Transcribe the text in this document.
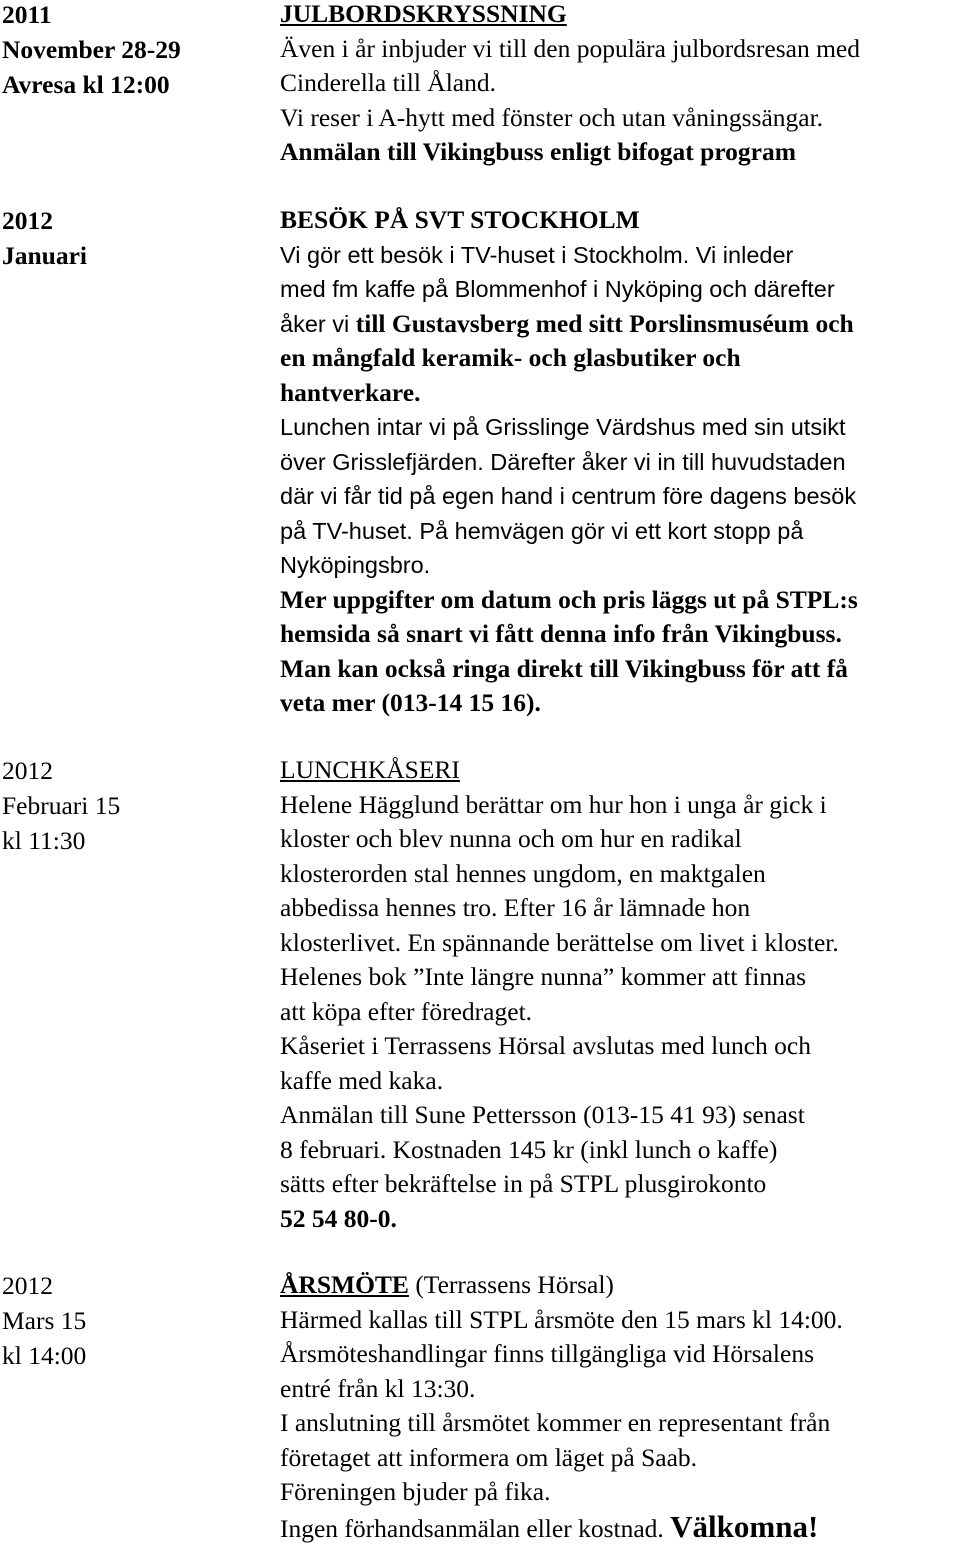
2011
November 28-29
Avresa kl 12:00
JULBORDSKRYSSNING
Även i år inbjuder vi till den populära julbordsresan med
Cinderella till Åland.
Vi reser i A-hytt med fönster och utan våningssängar.
Anmälan till Vikingbuss enligt bifogat program
2012
Januari
BESÖK PÅ SVT STOCKHOLM
Vi gör ett besök i TV-huset i Stockholm. Vi inleder
med fm kaffe på Blommenhof i Nyköping och därefter
åker vi till Gustavsberg med sitt Porslinsmuséum och
en mångfald keramik- och glasbutiker och
hantverkare.
Lunchen intar vi på Grisslinge Värdshus med sin utsikt
över Grisslefjärden. Därefter åker vi in till huvudstaden
där vi får tid på egen hand i centrum före dagens besök
på TV-huset. På hemvägen gör vi ett kort stopp på
Nyköpingsbro.
Mer uppgifter om datum och pris läggs ut på STPL:s
hemsida så snart vi fått denna info från Vikingbuss.
Man kan också ringa direkt till Vikingbuss för att få
veta mer (013-14 15 16).
2012
Februari 15
kl 11:30
LUNCHKÅSERI
Helene Hägglund berättar om hur hon i unga år gick i
kloster och blev nunna och om hur en radikal
klosterorden stal hennes ungdom, en maktgalen
abbedissa hennes tro. Efter 16 år lämnade hon
klosterlivet. En spännande berättelse om livet i kloster.
Helenes bok ”Inte längre nunna” kommer att finnas
att köpa efter föredraget.
Kåseriet i Terrassens Hörsal avslutas med lunch och
kaffe med kaka.
Anmälan till Sune Pettersson (013-15 41 93) senast
8 februari. Kostnaden 145 kr (inkl lunch o kaffe)
sätts efter bekräftelse in på STPL plusgirokonto
52 54 80-0.
2012
Mars 15
kl 14:00
ÅRSMÖTE (Terrassens Hörsal)
Härmed kallas till STPL årsmöte den 15 mars kl 14:00.
Årsmöteshandlingar finns tillgängliga vid Hörsalens
entré från kl 13:30.
I anslutning till årsmötet kommer en representant från
företaget att informera om läget på Saab.
Föreningen bjuder på fika.
Ingen förhandsanmälan eller kostnad. Välkomna!
